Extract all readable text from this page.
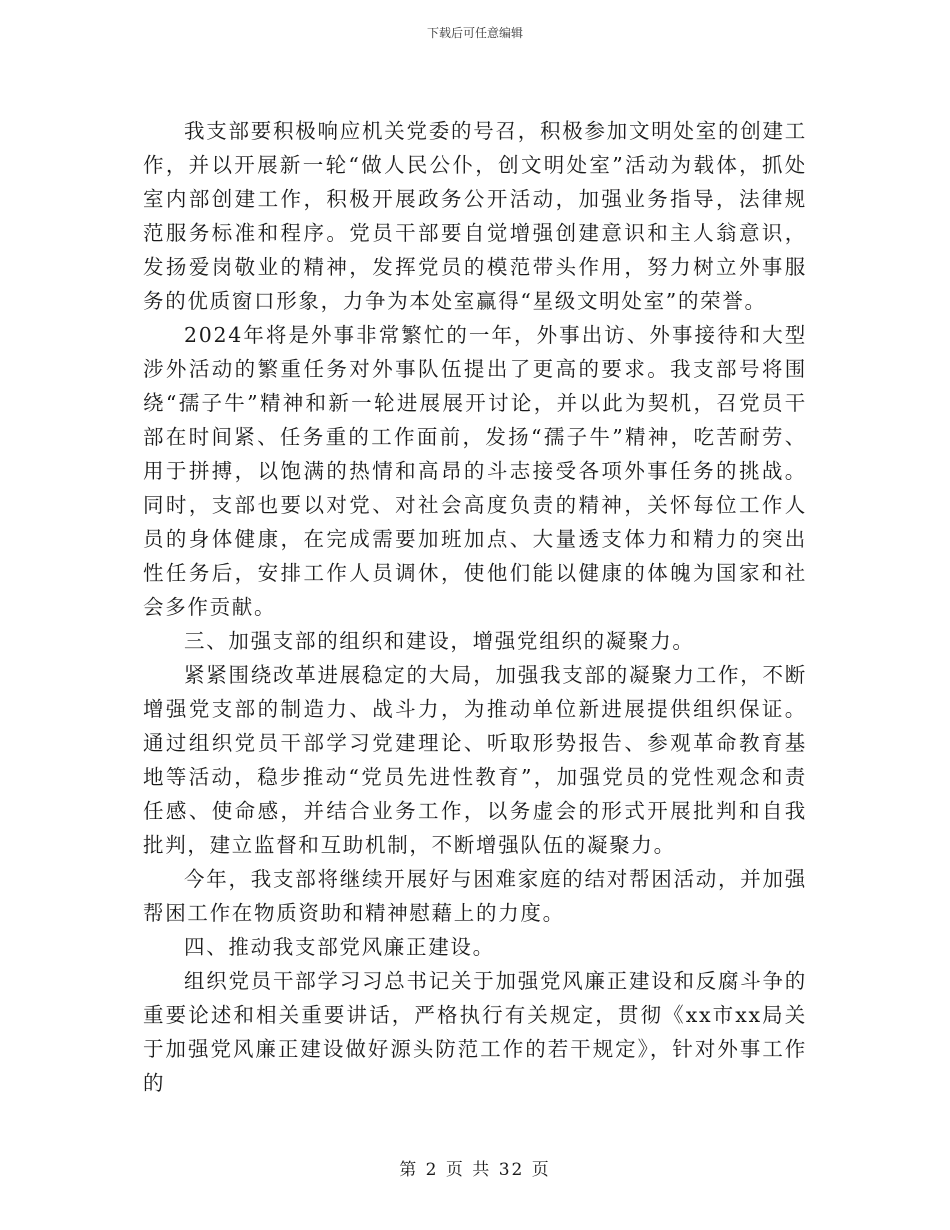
下载后可任意编辑

我支部要积极响应机关党委的号召，积极参加文明处室的创建工作，并以开展新一轮“做人民公仆，创文明处室”活动为载体，抓处室内部创建工作，积极开展政务公开活动，加强业务指导，法律规范服务标准和程序。党员干部要自觉增强创建意识和主人翁意识，发扬爱岗敬业的精神，发挥党员的模范带头作用，努力树立外事服务的优质窗口形象，力争为本处室赢得“星级文明处室”的荣誉。

2024年将是外事非常繁忙的一年，外事出访、外事接待和大型涉外活动的繁重任务对外事队伍提出了更高的要求。我支部号将围绕“孺子牛”精神和新一轮进展展开讨论，并以此为契机，召党员干部在时间紧、任务重的工作面前，发扬“孺子牛”精神，吃苦耐劳、用于拼搏，以饱满的热情和高昂的斗志接受各项外事任务的挑战。同时，支部也要以对党、对社会高度负责的精神，关怀每位工作人员的身体健康，在完成需要加班加点、大量透支体力和精力的突出性任务后，安排工作人员调休，使他们能以健康的体魄为国家和社会多作贡献。

三、加强支部的组织和建设，增强党组织的凝聚力。

紧紧围绕改革进展稳定的大局，加强我支部的凝聚力工作，不断增强党支部的制造力、战斗力，为推动单位新进展提供组织保证。通过组织党员干部学习党建理论、听取形势报告、参观革命教育基地等活动，稳步推动“党员先进性教育”，加强党员的党性观念和责任感、使命感，并结合业务工作，以务虚会的形式开展批判和自我批判，建立监督和互助机制，不断增强队伍的凝聚力。

今年，我支部将继续开展好与困难家庭的结对帮困活动，并加强帮困工作在物质资助和精神慰藉上的力度。

四、推动我支部党风廉正建设。

组织党员干部学习习总书记关于加强党风廉正建设和反腐斗争的重要论述和相关重要讲话，严格执行有关规定，贯彻《xx市xx局关于加强党风廉正建设做好源头防范工作的若干规定》，针对外事工作的

第 2 页 共 32 页
